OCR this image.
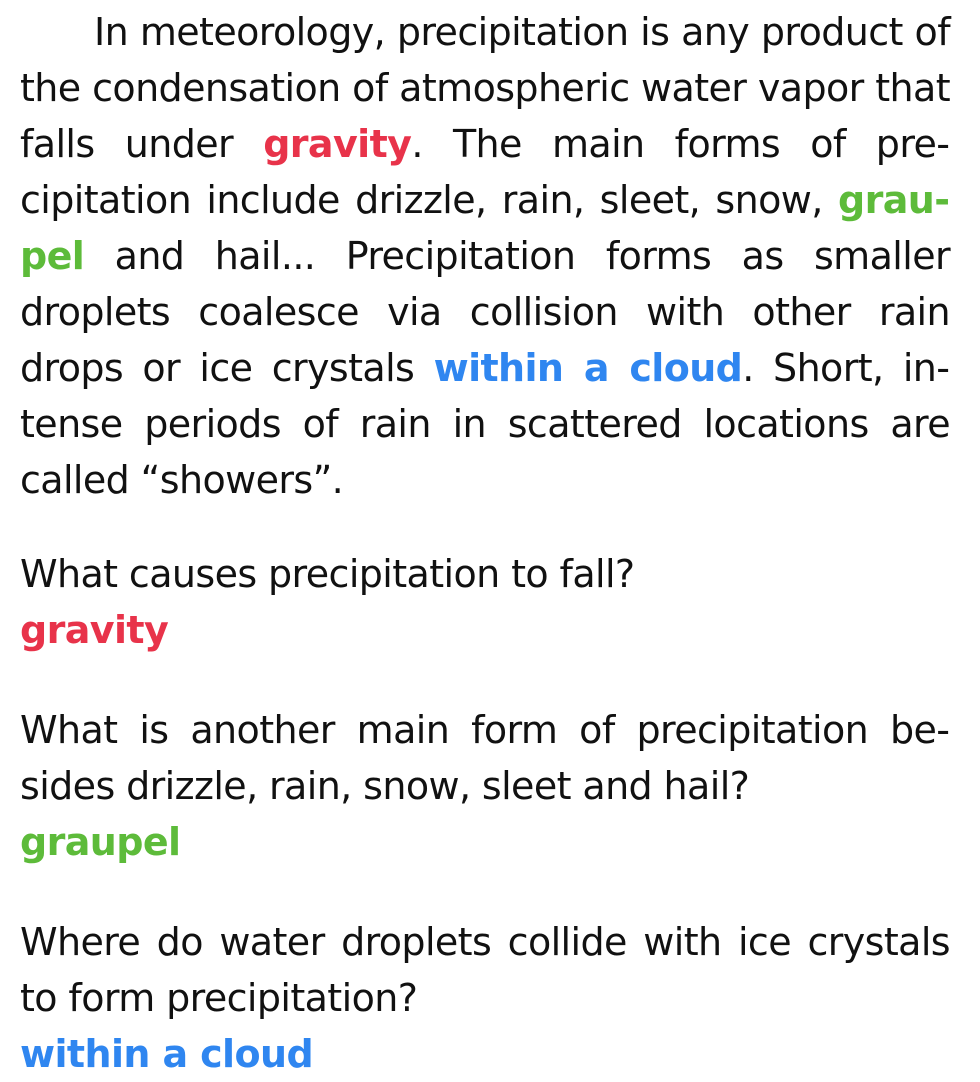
In meteorology, precipitation is any product of the condensation of atmospheric water vapor that falls under gravity. The main forms of precipitation include drizzle, rain, sleet, snow, graupel and hail... Precipitation forms as smaller droplets coalesce via collision with other rain drops or ice crystals within a cloud. Short, intense periods of rain in scattered locations are called “showers”.

What causes precipitation to fall?
gravity
What is another main form of precipitation besides drizzle, rain, snow, sleet and hail?
graupel
Where do water droplets collide with ice crystals to form precipitation?
within a cloud
